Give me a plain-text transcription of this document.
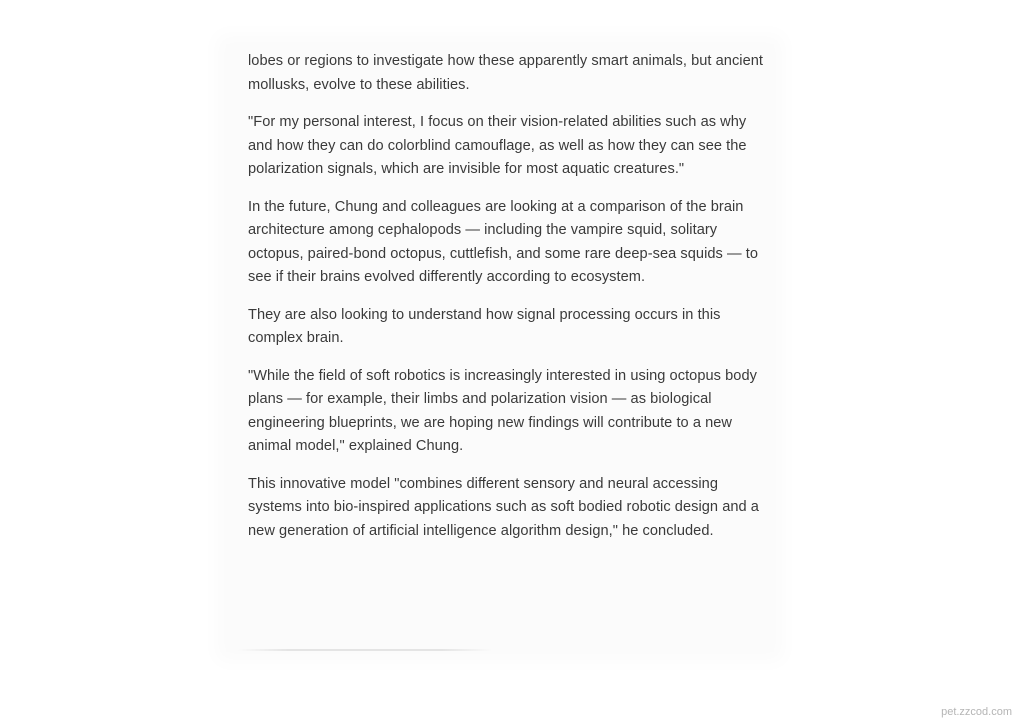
lobes or regions to investigate how these apparently smart animals, but ancient mollusks, evolve to these abilities.

"For my personal interest, I focus on their vision-related abilities such as why and how they can do colorblind camouflage, as well as how they can see the polarization signals, which are invisible for most aquatic creatures."

In the future, Chung and colleagues are looking at a comparison of the brain architecture among cephalopods — including the vampire squid, solitary octopus, paired-bond octopus, cuttlefish, and some rare deep-sea squids — to see if their brains evolved differently according to ecosystem.

They are also looking to understand how signal processing occurs in this complex brain.

"While the field of soft robotics is increasingly interested in using octopus body plans — for example, their limbs and polarization vision — as biological engineering blueprints, we are hoping new findings will contribute to a new animal model," explained Chung.

This innovative model "combines different sensory and neural accessing systems into bio-inspired applications such as soft bodied robotic design and a new generation of artificial intelligence algorithm design," he concluded.

pet.zzcod.com
